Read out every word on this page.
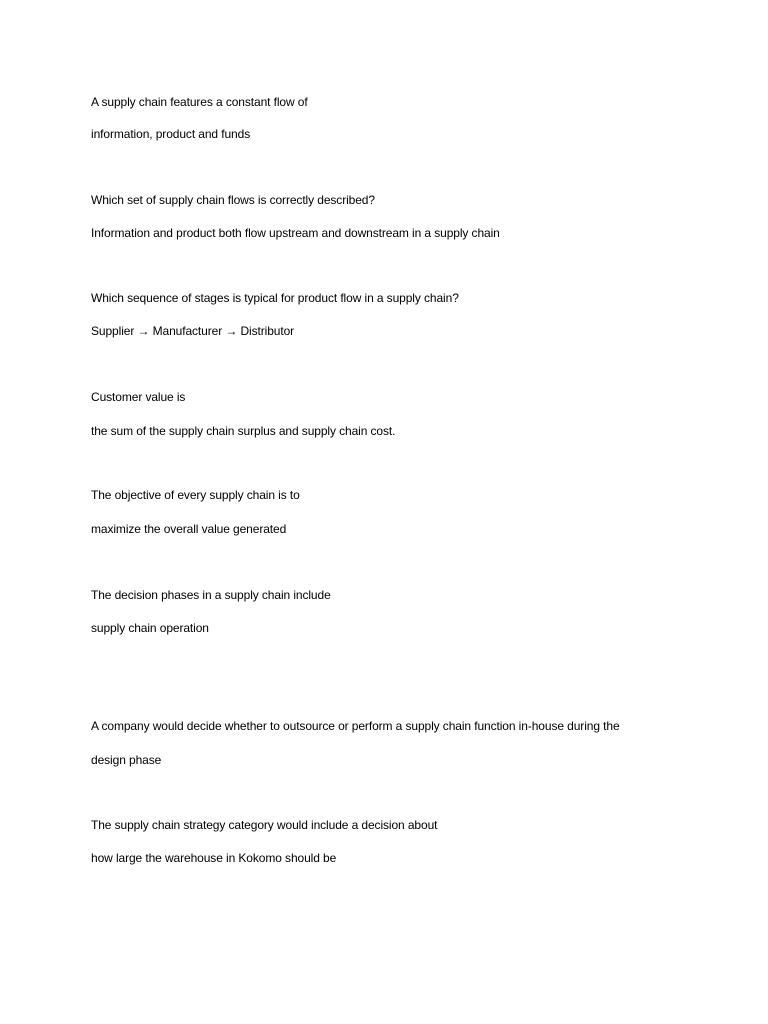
A supply chain features a constant flow of
information, product and funds
Which set of supply chain flows is correctly described?
Information and product both flow upstream and downstream in a supply chain
Which sequence of stages is typical for product flow in a supply chain?
Supplier → Manufacturer → Distributor
Customer value is
the sum of the supply chain surplus and supply chain cost.
The objective of every supply chain is to
maximize the overall value generated
The decision phases in a supply chain include
supply chain operation
A company would decide whether to outsource or perform a supply chain function in-house during the
design phase
The supply chain strategy category would include a decision about
how large the warehouse in Kokomo should be
